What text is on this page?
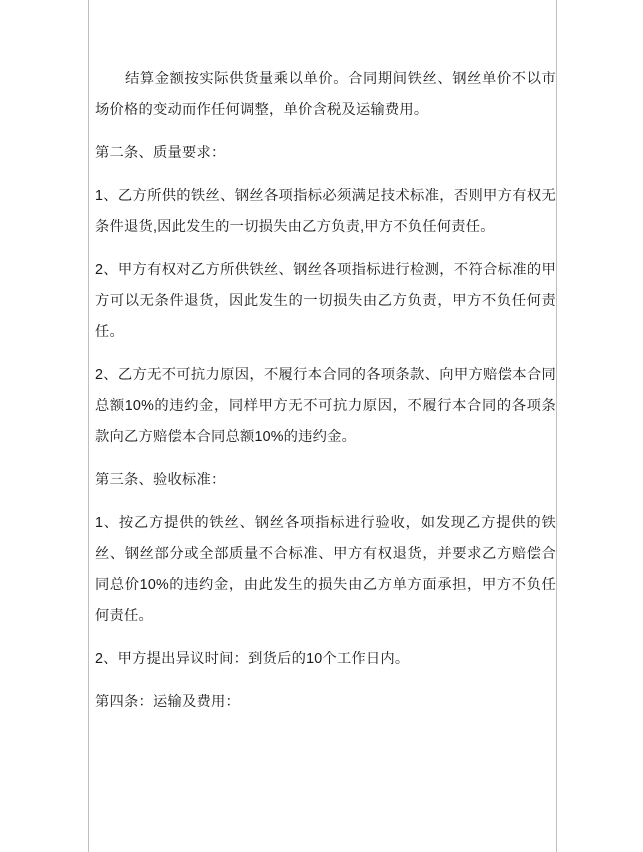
结算金额按实际供货量乘以单价。合同期间铁丝、钢丝单价不以市场价格的变动而作任何调整，单价含税及运输费用。

第二条、质量要求：

1、乙方所供的铁丝、钢丝各项指标必须满足技术标准，否则甲方有权无条件退货,因此发生的一切损失由乙方负责,甲方不负任何责任。

2、甲方有权对乙方所供铁丝、钢丝各项指标进行检测，不符合标准的甲方可以无条件退货，因此发生的一切损失由乙方负责，甲方不负任何责任。

2、乙方无不可抗力原因，不履行本合同的各项条款、向甲方赔偿本合同总额10%的违约金，同样甲方无不可抗力原因，不履行本合同的各项条款向乙方赔偿本合同总额10%的违约金。

第三条、验收标准：

1、按乙方提供的铁丝、钢丝各项指标进行验收，如发现乙方提供的铁丝、钢丝部分或全部质量不合标准、甲方有权退货，并要求乙方赔偿合同总价10%的违约金，由此发生的损失由乙方单方面承担，甲方不负任何责任。

2、甲方提出异议时间：到货后的10个工作日内。

第四条：运输及费用：
